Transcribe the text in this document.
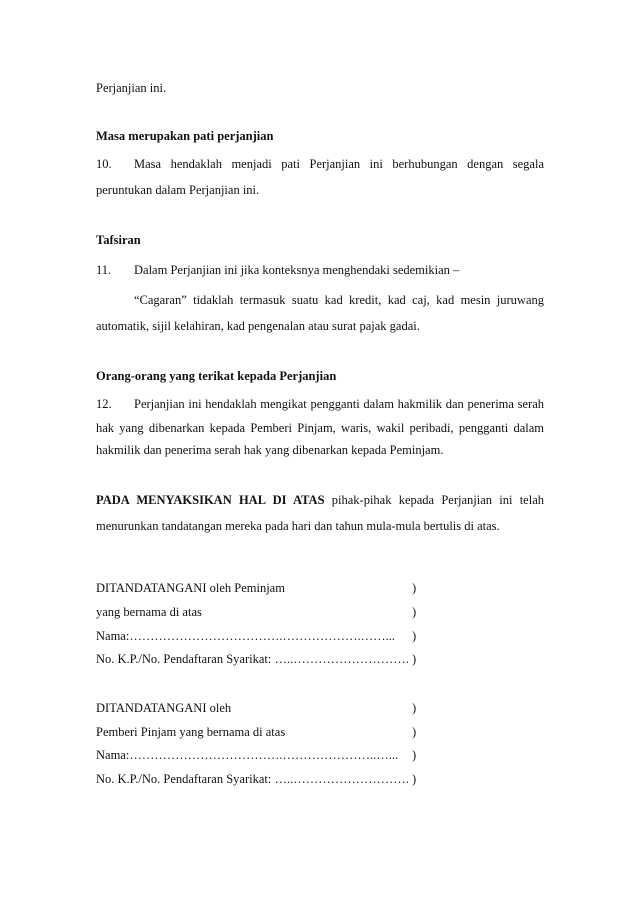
Perjanjian ini.
Masa merupakan pati perjanjian
10. Masa hendaklah menjadi pati Perjanjian ini berhubungan dengan segala
peruntukan dalam Perjanjian ini.
Tafsiran
11. Dalam Perjanjian ini jika konteksnya menghendaki sedemikian –
“Cagaran” tidaklah termasuk suatu kad kredit, kad caj, kad mesin juruwang
automatik, sijil kelahiran, kad pengenalan atau surat pajak gadai.
Orang-orang yang terikat kepada Perjanjian
12. Perjanjian ini hendaklah mengikat pengganti dalam hakmilik dan penerima serah
hak yang dibenarkan kepada Pemberi Pinjam, waris, wakil peribadi, pengganti dalam
hakmilik dan penerima serah hak yang dibenarkan kepada Peminjam.
PADA MENYAKSIKAN HAL DI ATAS pihak-pihak kepada Perjanjian ini telah
menurunkan tandatangan mereka pada hari dan tahun mula-mula bertulis di atas.
DITANDATANGANI oleh Peminjam	)
yang bernama di atas	)
Nama:……………………………….……………….……... )
No. K.P./No. Pendaftaran Syarikat: …..………………………. )
DITANDATANGANI oleh	)
Pemberi Pinjam yang bernama di atas	)
Nama:……………………………….…………………..…... )
No. K.P./No. Pendaftaran Syarikat: …..………………………. )
